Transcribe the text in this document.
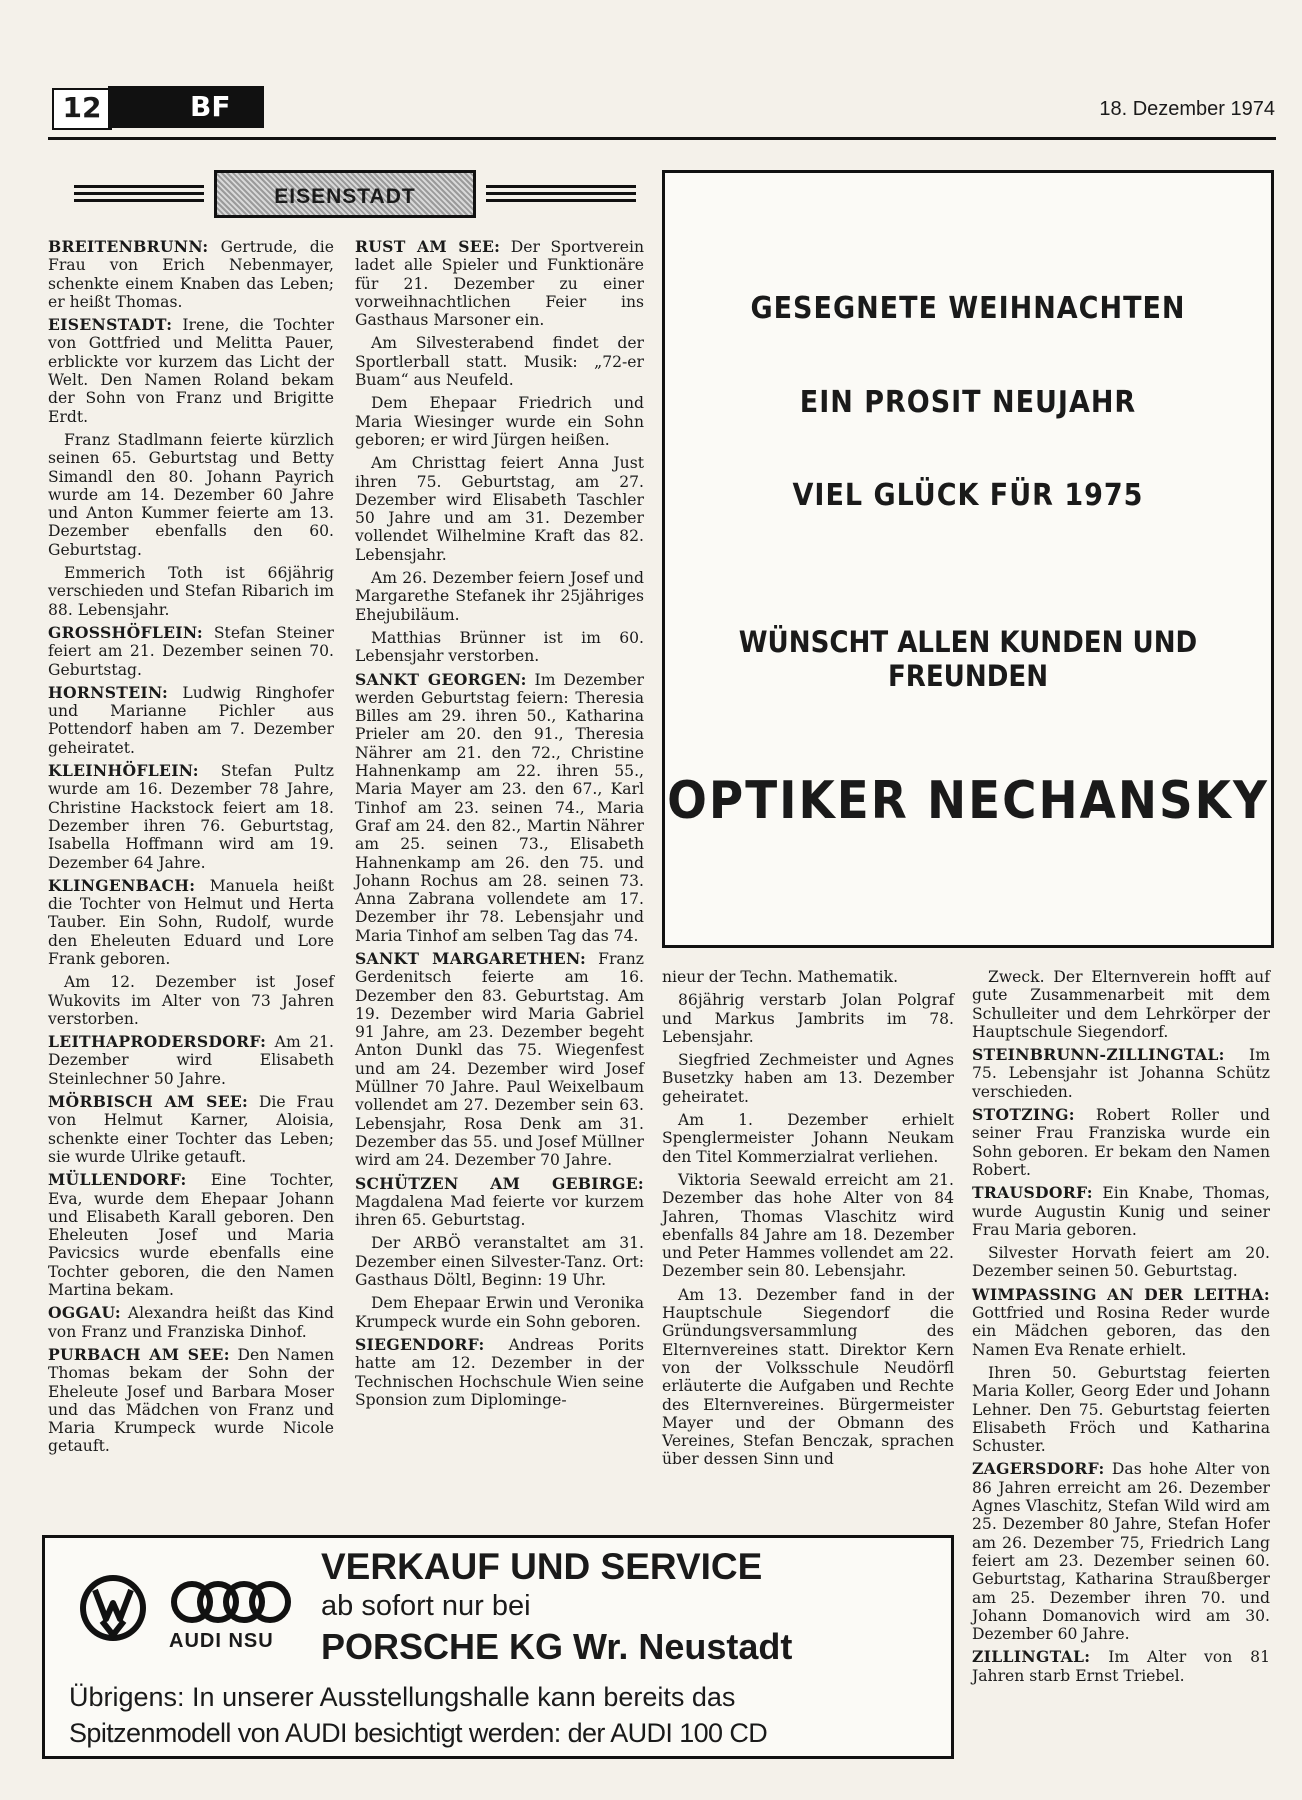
12	BF	18. Dezember 1974
EISENSTADT

BREITENBRUNN: Gertrude, die Frau von Erich Nebenmayer, schenkte einem Knaben das Leben; er heißt Thomas.

EISENSTADT: Irene, die Tochter von Gottfried und Melitta Pauer, erblickte vor kurzem das Licht der Welt. Den Namen Roland bekam der Sohn von Franz und Brigitte Erdt.

Franz Stadlmann feierte kürzlich seinen 65. Geburtstag und Betty Simandl den 80. Johann Payrich wurde am 14. Dezember 60 Jahre und Anton Kummer feierte am 13. Dezember ebenfalls den 60. Geburtstag.

Emmerich Toth ist 66jährig verschieden und Stefan Ribarich im 88. Lebensjahr.

GROSSHÖFLEIN: Stefan Steiner feiert am 21. Dezember seinen 70. Geburtstag.

HORNSTEIN: Ludwig Ringhofer und Marianne Pichler aus Pottendorf haben am 7. Dezember geheiratet.

KLEINHÖFLEIN: Stefan Pultz wurde am 16. Dezember 78 Jahre, Christine Hackstock feiert am 18. Dezember ihren 76. Geburtstag, Isabella Hoffmann wird am 19. Dezember 64 Jahre.

KLINGENBACH: Manuela heißt die Tochter von Helmut und Herta Tauber. Ein Sohn, Rudolf, wurde den Eheleuten Eduard und Lore Frank geboren.

Am 12. Dezember ist Josef Wukovits im Alter von 73 Jahren verstorben.

LEITHAPRODERSDORF: Am 21. Dezember wird Elisabeth Steinlechner 50 Jahre.

MÖRBISCH AM SEE: Die Frau von Helmut Karner, Aloisia, schenkte einer Tochter das Leben; sie wurde Ulrike getauft.

MÜLLENDORF: Eine Tochter, Eva, wurde dem Ehepaar Johann und Elisabeth Karall geboren. Den Eheleuten Josef und Maria Pavicsics wurde ebenfalls eine Tochter geboren, die den Namen Martina bekam.

OGGAU: Alexandra heißt das Kind von Franz und Franziska Dinhof.

PURBACH AM SEE: Den Namen Thomas bekam der Sohn der Eheleute Josef und Barbara Moser und das Mädchen von Franz und Maria Krumpeck wurde Nicole getauft.

RUST AM SEE: Der Sportverein ladet alle Spieler und Funktionäre für 21. Dezember zu einer vorweihnachtlichen Feier ins Gasthaus Marsoner ein.

Am Silvesterabend findet der Sportlerball statt. Musik: „72-er Buam“ aus Neufeld.

Dem Ehepaar Friedrich und Maria Wiesinger wurde ein Sohn geboren; er wird Jürgen heißen.

Am Christtag feiert Anna Just ihren 75. Geburtstag, am 27. Dezember wird Elisabeth Taschler 50 Jahre und am 31. Dezember vollendet Wilhelmine Kraft das 82. Lebensjahr.

Am 26. Dezember feiern Josef und Margarethe Stefanek ihr 25jähriges Ehejubiläum.

Matthias Brünner ist im 60. Lebensjahr verstorben.

SANKT GEORGEN: Im Dezember werden Geburtstag feiern: Theresia Billes am 29. ihren 50., Katharina Prieler am 20. den 91., Theresia Nährer am 21. den 72., Christine Hahnenkamp am 22. ihren 55., Maria Mayer am 23. den 67., Karl Tinhof am 23. seinen 74., Maria Graf am 24. den 82., Martin Nährer am 25. seinen 73., Elisabeth Hahnenkamp am 26. den 75. und Johann Rochus am 28. seinen 73. Anna Zabrana vollendete am 17. Dezember ihr 78. Lebensjahr und Maria Tinhof am selben Tag das 74.

SANKT MARGARETHEN: Franz Gerdenitsch feierte am 16. Dezember den 83. Geburtstag. Am 19. Dezember wird Maria Gabriel 91 Jahre, am 23. Dezember begeht Anton Dunkl das 75. Wiegenfest und am 24. Dezember wird Josef Müllner 70 Jahre. Paul Weixelbaum vollendet am 27. Dezember sein 63. Lebensjahr, Rosa Denk am 31. Dezember das 55. und Josef Müllner wird am 24. Dezember 70 Jahre.

SCHÜTZEN AM GEBIRGE: Magdalena Mad feierte vor kurzem ihren 65. Geburtstag.

Der ARBÖ veranstaltet am 31. Dezember einen Silvester-Tanz. Ort: Gasthaus Döltl, Beginn: 19 Uhr.

Dem Ehepaar Erwin und Veronika Krumpeck wurde ein Sohn geboren.

SIEGENDORF: Andreas Porits hatte am 12. Dezember in der Technischen Hochschule Wien seine Sponsion zum Diplominge-

nieur der Techn. Mathematik.

86jährig verstarb Jolan Polgraf und Markus Jambrits im 78. Lebensjahr.

Siegfried Zechmeister und Agnes Busetzky haben am 13. Dezember geheiratet.

Am 1. Dezember erhielt Spenglermeister Johann Neukam den Titel Kommerzialrat verliehen.

Viktoria Seewald erreicht am 21. Dezember das hohe Alter von 84 Jahren, Thomas Vlaschitz wird ebenfalls 84 Jahre am 18. Dezember und Peter Hammes vollendet am 22. Dezember sein 80. Lebensjahr.

Am 13. Dezember fand in der Hauptschule Siegendorf die Gründungsversammlung des Elternvereines statt. Direktor Kern von der Volksschule Neudörfl erläuterte die Aufgaben und Rechte des Elternvereines. Bürgermeister Mayer und der Obmann des Vereines, Stefan Benczak, sprachen über dessen Sinn und

Zweck. Der Elternverein hofft auf gute Zusammenarbeit mit dem Schulleiter und dem Lehrkörper der Hauptschule Siegendorf.

STEINBRUNN-ZILLINGTAL: Im 75. Lebensjahr ist Johanna Schütz verschieden.

STOTZING: Robert Roller und seiner Frau Franziska wurde ein Sohn geboren. Er bekam den Namen Robert.

TRAUSDORF: Ein Knabe, Thomas, wurde Augustin Kunig und seiner Frau Maria geboren.

Silvester Horvath feiert am 20. Dezember seinen 50. Geburtstag.

WIMPASSING AN DER LEITHA: Gottfried und Rosina Reder wurde ein Mädchen geboren, das den Namen Eva Renate erhielt.

Ihren 50. Geburtstag feierten Maria Koller, Georg Eder und Johann Lehner. Den 75. Geburtstag feierten Elisabeth Fröch und Katharina Schuster.

ZAGERSDORF: Das hohe Alter von 86 Jahren erreicht am 26. Dezember Agnes Vlaschitz, Stefan Wild wird am 25. Dezember 80 Jahre, Stefan Hofer am 26. Dezember 75, Friedrich Lang feiert am 23. Dezember seinen 60. Geburtstag, Katharina Straußberger am 25. Dezember ihren 70. und Johann Domanovich wird am 30. Dezember 60 Jahre.

ZILLINGTAL: Im Alter von 81 Jahren starb Ernst Triebel.

GESEGNETE WEIHNACHTEN
EIN PROSIT NEUJAHR
VIEL GLÜCK FÜR 1975
WÜNSCHT ALLEN KUNDEN UND FREUNDEN
OPTIKER NECHANSKY
AUDI NSU
VERKAUF UND SERVICE
ab sofort nur bei
PORSCHE KG Wr. Neustadt
Übrigens: In unserer Ausstellungshalle kann bereits das
Spitzenmodell von AUDI besichtigt werden: der AUDI 100 CD
